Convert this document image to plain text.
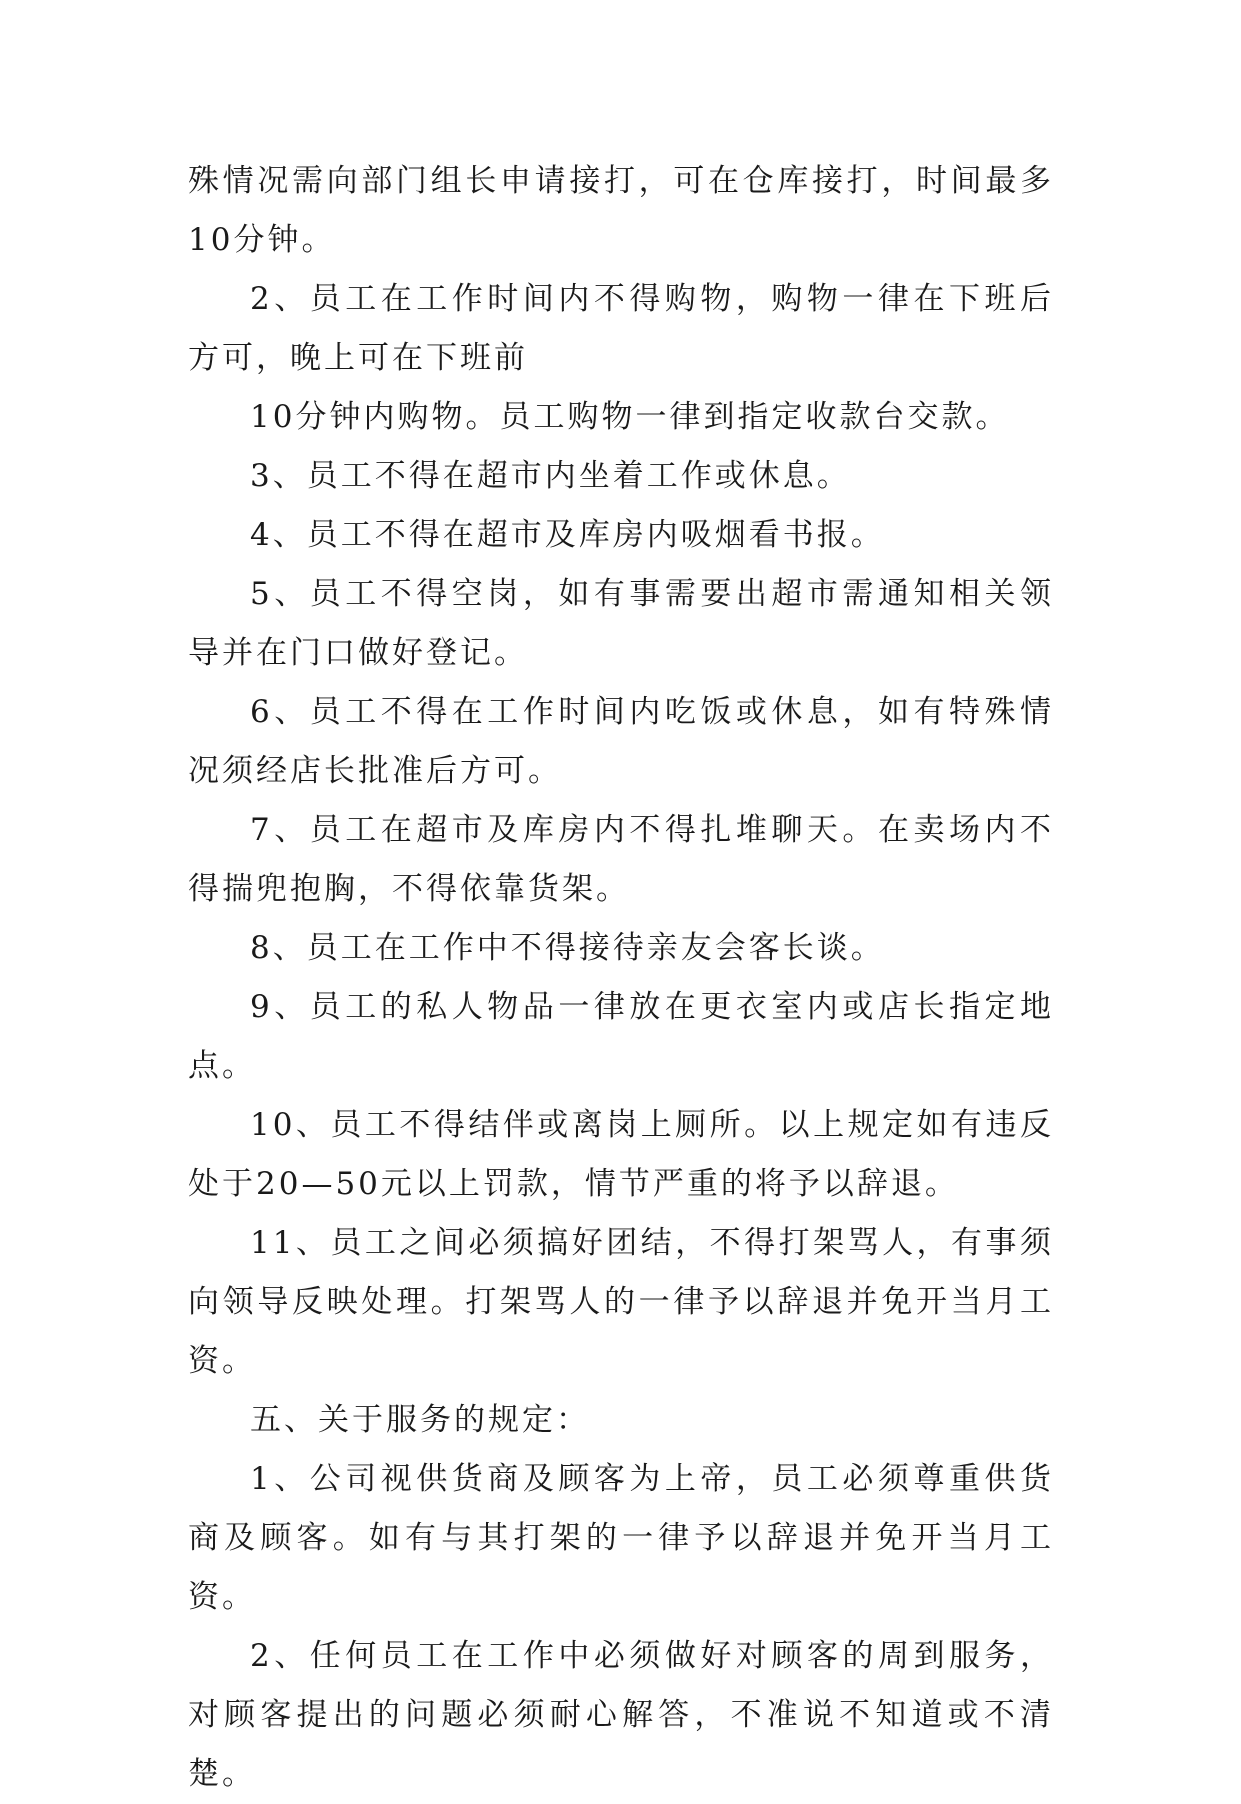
殊情况需向部门组长申请接打，可在仓库接打，时间最多10分钟。

2、员工在工作时间内不得购物，购物一律在下班后方可，晚上可在下班前

10分钟内购物。员工购物一律到指定收款台交款。

3、员工不得在超市内坐着工作或休息。

4、员工不得在超市及库房内吸烟看书报。

5、员工不得空岗，如有事需要出超市需通知相关领导并在门口做好登记。

6、员工不得在工作时间内吃饭或休息，如有特殊情况须经店长批准后方可。

7、员工在超市及库房内不得扎堆聊天。在卖场内不得揣兜抱胸，不得依靠货架。

8、员工在工作中不得接待亲友会客长谈。

9、员工的私人物品一律放在更衣室内或店长指定地点。

10、员工不得结伴或离岗上厕所。以上规定如有违反处于20—50元以上罚款，情节严重的将予以辞退。

11、员工之间必须搞好团结，不得打架骂人，有事须向领导反映处理。打架骂人的一律予以辞退并免开当月工资。

五、关于服务的规定：

1、公司视供货商及顾客为上帝，员工必须尊重供货商及顾客。如有与其打架的一律予以辞退并免开当月工资。

2、任何员工在工作中必须做好对顾客的周到服务，对顾客提出的问题必须耐心解答，不准说不知道或不清楚。
